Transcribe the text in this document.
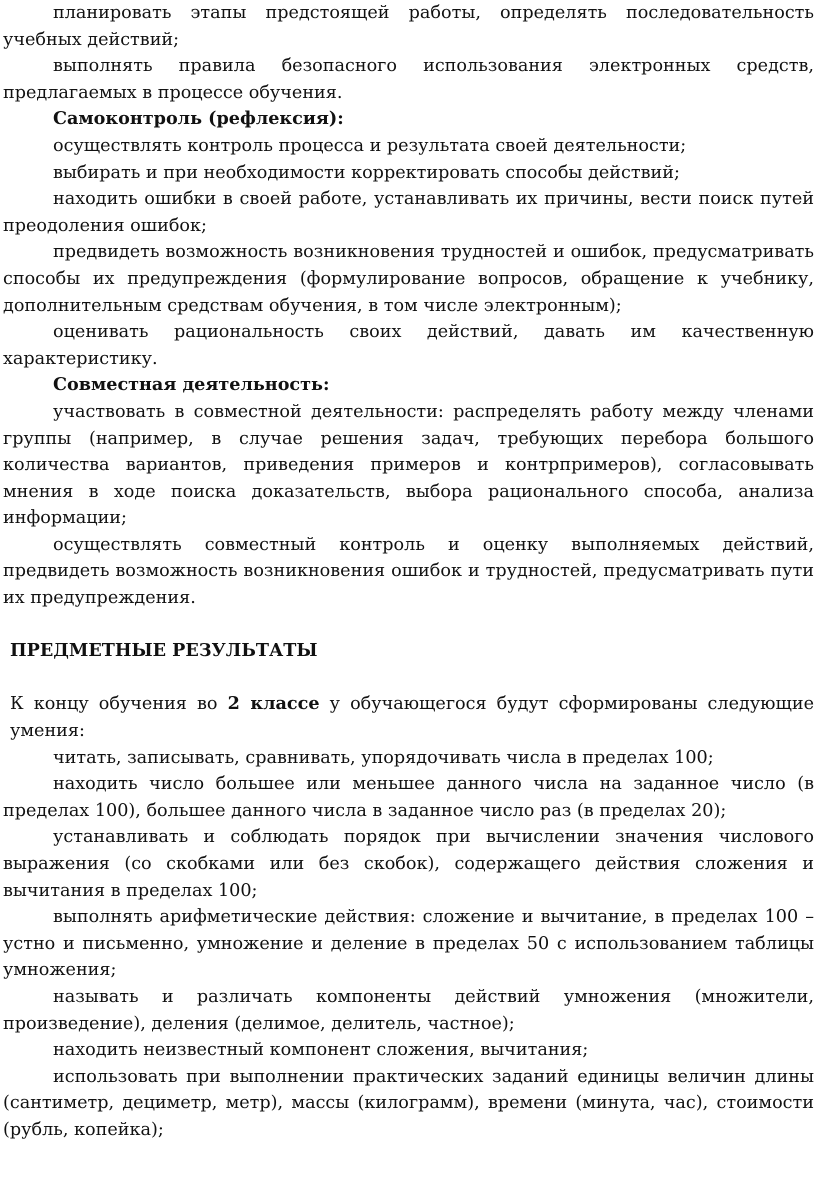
планировать этапы предстоящей работы, определять последовательность учебных действий;

выполнять правила безопасного использования электронных средств, предлагаемых в процессе обучения.

Самоконтроль (рефлексия):

осуществлять контроль процесса и результата своей деятельности;

выбирать и при необходимости корректировать способы действий;

находить ошибки в своей работе, устанавливать их причины, вести поиск путей преодоления ошибок;

предвидеть возможность возникновения трудностей и ошибок, предусматривать способы их предупреждения (формулирование вопросов, обращение к учебнику, дополнительным средствам обучения, в том числе электронным);

оценивать рациональность своих действий, давать им качественную характеристику.

Совместная деятельность:

участвовать в совместной деятельности: распределять работу между членами группы (например, в случае решения задач, требующих перебора большого количества вариантов, приведения примеров и контрпримеров), согласовывать мнения в ходе поиска доказательств, выбора рационального способа, анализа информации;

осуществлять совместный контроль и оценку выполняемых действий, предвидеть возможность возникновения ошибок и трудностей, предусматривать пути их предупреждения.

ПРЕДМЕТНЫЕ РЕЗУЛЬТАТЫ

К концу обучения во 2 классе у обучающегося будут сформированы следующие умения:

читать, записывать, сравнивать, упорядочивать числа в пределах 100;

находить число большее или меньшее данного числа на заданное число (в пределах 100), большее данного числа в заданное число раз (в пределах 20);

устанавливать и соблюдать порядок при вычислении значения числового выражения (со скобками или без скобок), содержащего действия сложения и вычитания в пределах 100;

выполнять арифметические действия: сложение и вычитание, в пределах 100 – устно и письменно, умножение и деление в пределах 50 с использованием таблицы умножения;

называть и различать компоненты действий умножения (множители, произведение), деления (делимое, делитель, частное);

находить неизвестный компонент сложения, вычитания;

использовать при выполнении практических заданий единицы величин длины (сантиметр, дециметр, метр), массы (килограмм), времени (минута, час), стоимости (рубль, копейка);
